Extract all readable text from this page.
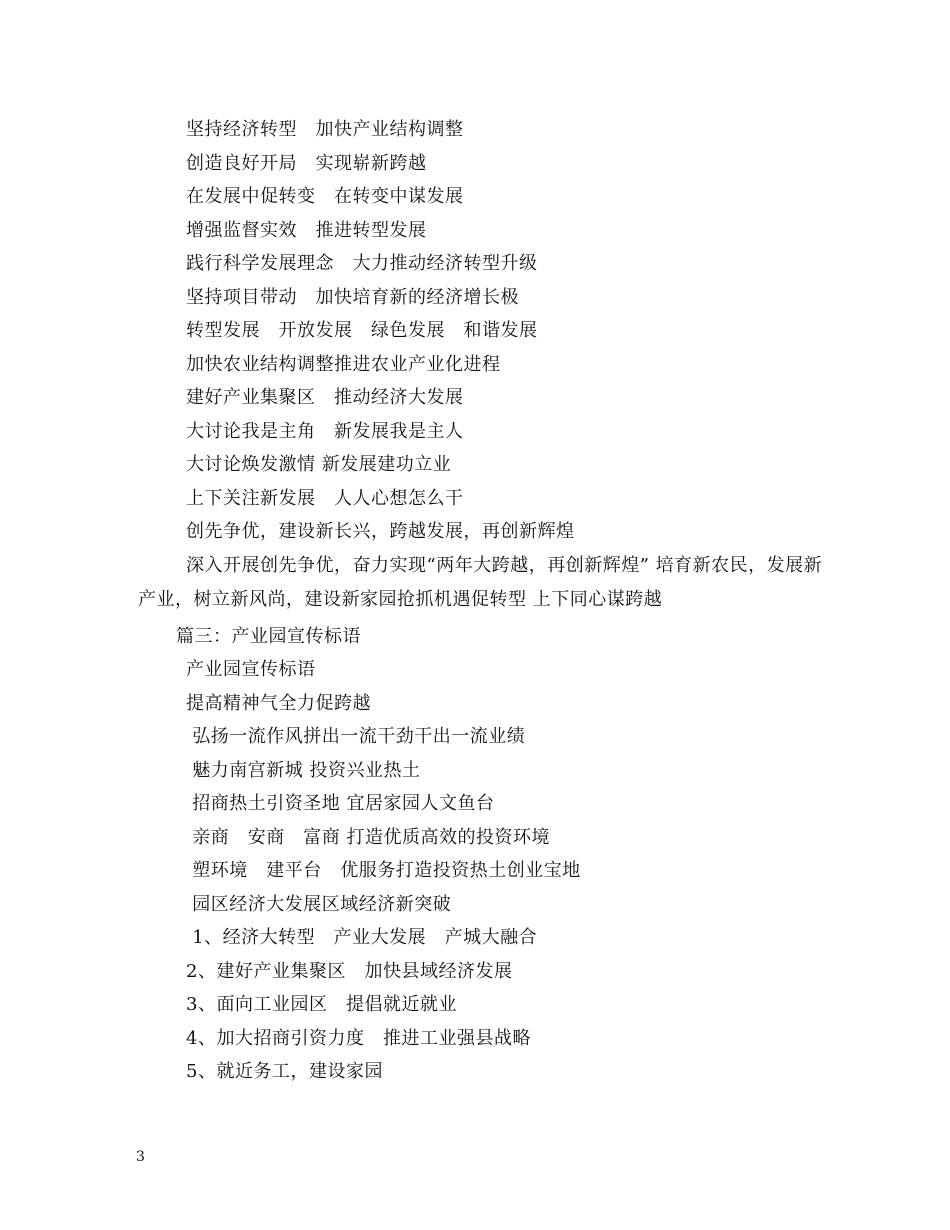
坚持经济转型　加快产业结构调整
创造良好开局　实现崭新跨越
在发展中促转变　在转变中谋发展
增强监督实效　推进转型发展
践行科学发展理念　大力推动经济转型升级
坚持项目带动　加快培育新的经济增长极
转型发展　开放发展　绿色发展　和谐发展
加快农业结构调整推进农业产业化进程
建好产业集聚区　推动经济大发展
大讨论我是主角　新发展我是主人
大讨论焕发激情 新发展建功立业
上下关注新发展　人人心想怎么干
创先争优，建设新长兴，跨越发展，再创新辉煌
深入开展创先争优，奋力实现“两年大跨越，再创新辉煌” 培育新农民，发展新产业，树立新风尚，建设新家园抢抓机遇促转型 上下同心谋跨越
篇三：产业园宣传标语
产业园宣传标语
提高精神气全力促跨越
弘扬一流作风拼出一流干劲干出一流业绩
魅力南宫新城 投资兴业热土
招商热土引资圣地 宜居家园人文鱼台
亲商　安商　富商 打造优质高效的投资环境
塑环境　建平台　优服务打造投资热土创业宝地
园区经济大发展区域经济新突破
1、经济大转型　产业大发展　产城大融合
2、建好产业集聚区　加快县域经济发展
3、面向工业园区　提倡就近就业
4、加大招商引资力度　推进工业强县战略
5、就近务工，建设家园
3
